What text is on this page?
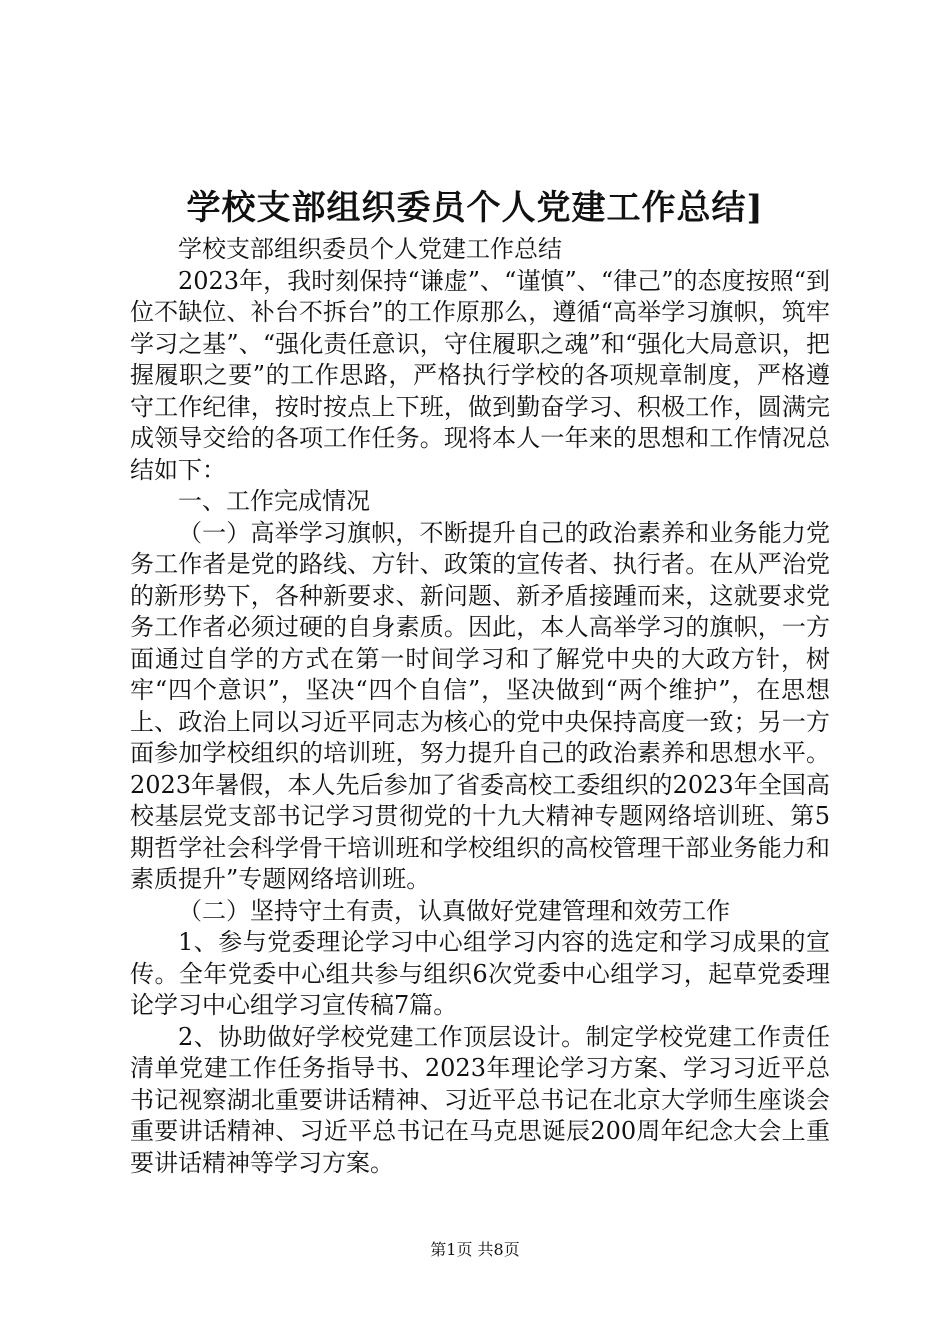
学校支部组织委员个人党建工作总结]

学校支部组织委员个人党建工作总结

2023年，我时刻保持“谦虚”、“谨慎”、“律己”的态度按照“到位不缺位、补台不拆台”的工作原那么，遵循“高举学习旗帜，筑牢学习之基”、“强化责任意识，守住履职之魂”和“强化大局意识，把握履职之要”的工作思路，严格执行学校的各项规章制度，严格遵守工作纪律，按时按点上下班，做到勤奋学习、积极工作，圆满完成领导交给的各项工作任务。现将本人一年来的思想和工作情况总结如下：

一、工作完成情况

（一）高举学习旗帜，不断提升自己的政治素养和业务能力党务工作者是党的路线、方针、政策的宣传者、执行者。在从严治党的新形势下，各种新要求、新问题、新矛盾接踵而来，这就要求党务工作者必须过硬的自身素质。因此，本人高举学习的旗帜，一方面通过自学的方式在第一时间学习和了解党中央的大政方针，树牢“四个意识”，坚决“四个自信”，坚决做到“两个维护”，在思想上、政治上同以习近平同志为核心的党中央保持高度一致；另一方面参加学校组织的培训班，努力提升自己的政治素养和思想水平。2023年暑假，本人先后参加了省委高校工委组织的2023年全国高校基层党支部书记学习贯彻党的十九大精神专题网络培训班、第5期哲学社会科学骨干培训班和学校组织的高校管理干部业务能力和素质提升”专题网络培训班。

（二）坚持守土有责，认真做好党建管理和效劳工作

1、参与党委理论学习中心组学习内容的选定和学习成果的宣传。全年党委中心组共参与组织6次党委中心组学习，起草党委理论学习中心组学习宣传稿7篇。

2、协助做好学校党建工作顶层设计。制定学校党建工作责任清单党建工作任务指导书、2023年理论学习方案、学习习近平总书记视察湖北重要讲话精神、习近平总书记在北京大学师生座谈会重要讲话精神、习近平总书记在马克思诞辰200周年纪念大会上重要讲话精神等学习方案。

第1页 共8页
